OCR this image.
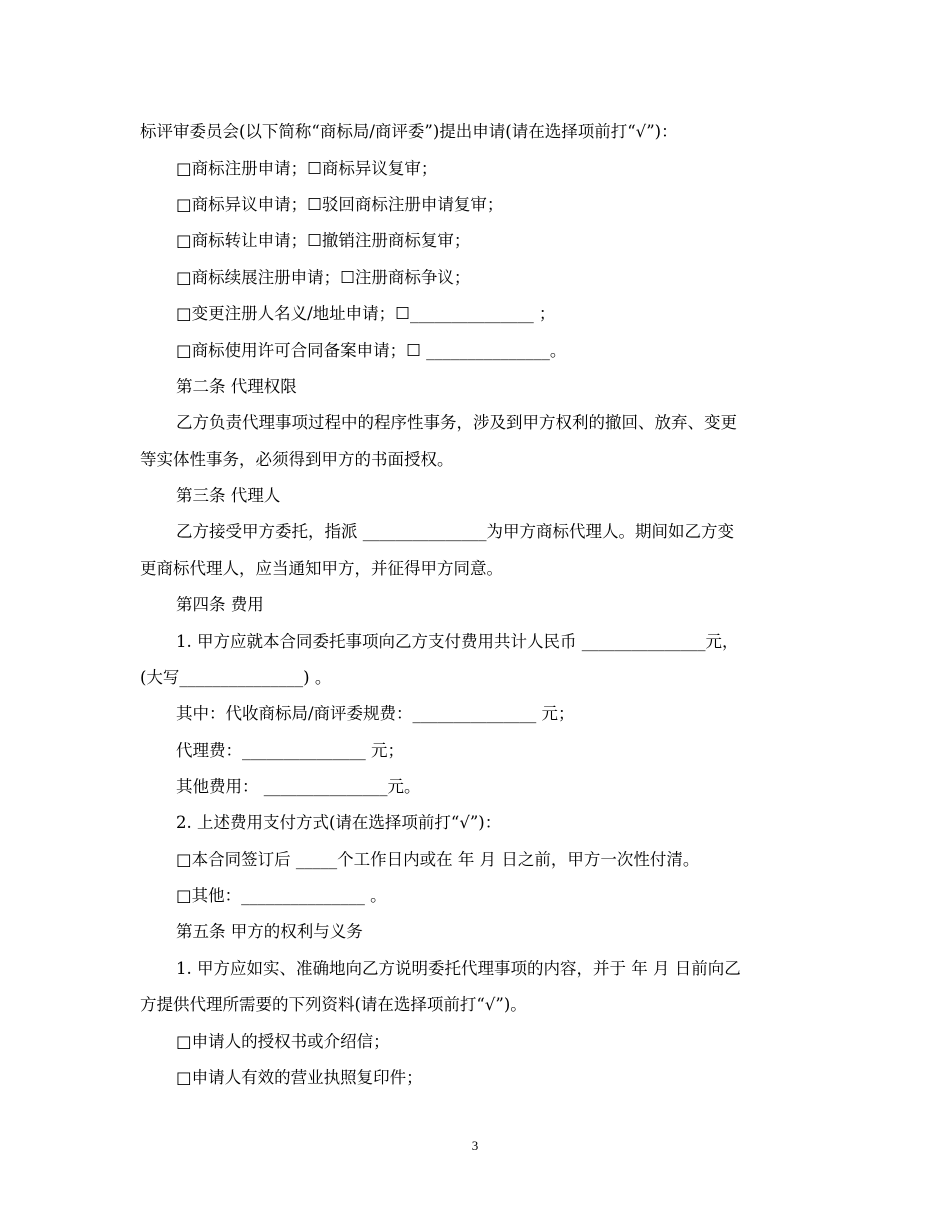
标评审委员会(以下简称“商标局/商评委”)提出申请(请在选择项前打“√”)：
□商标注册申请；☐商标异议复审；
□商标异议申请；☐驳回商标注册申请复审；
□商标转让申请；☐撤销注册商标复审；
□商标续展注册申请；☐注册商标争议；
□变更注册人名义/地址申请；☐_______________ ；
□商标使用许可合同备案申请；☐ _______________。
第二条 代理权限
乙方负责代理事项过程中的程序性事务，涉及到甲方权利的撤回、放弃、变更
等实体性事务，必须得到甲方的书面授权。
第三条 代理人
乙方接受甲方委托，指派 _______________为甲方商标代理人。期间如乙方变
更商标代理人，应当通知甲方，并征得甲方同意。
第四条 费用
1. 甲方应就本合同委托事项向乙方支付费用共计人民币 _______________元，
(大写_______________) 。
其中：代收商标局/商评委规费：_______________ 元；
代理费：_______________ 元；
其他费用： _______________元。
2. 上述费用支付方式(请在选择项前打“√”)：
□本合同签订后 _____个工作日内或在 年 月 日之前，甲方一次性付清。
□其他：_______________ 。
第五条 甲方的权利与义务
1. 甲方应如实、准确地向乙方说明委托代理事项的内容，并于 年 月 日前向乙
方提供代理所需要的下列资料(请在选择项前打“√”)。
□申请人的授权书或介绍信；
□申请人有效的营业执照复印件；
3
